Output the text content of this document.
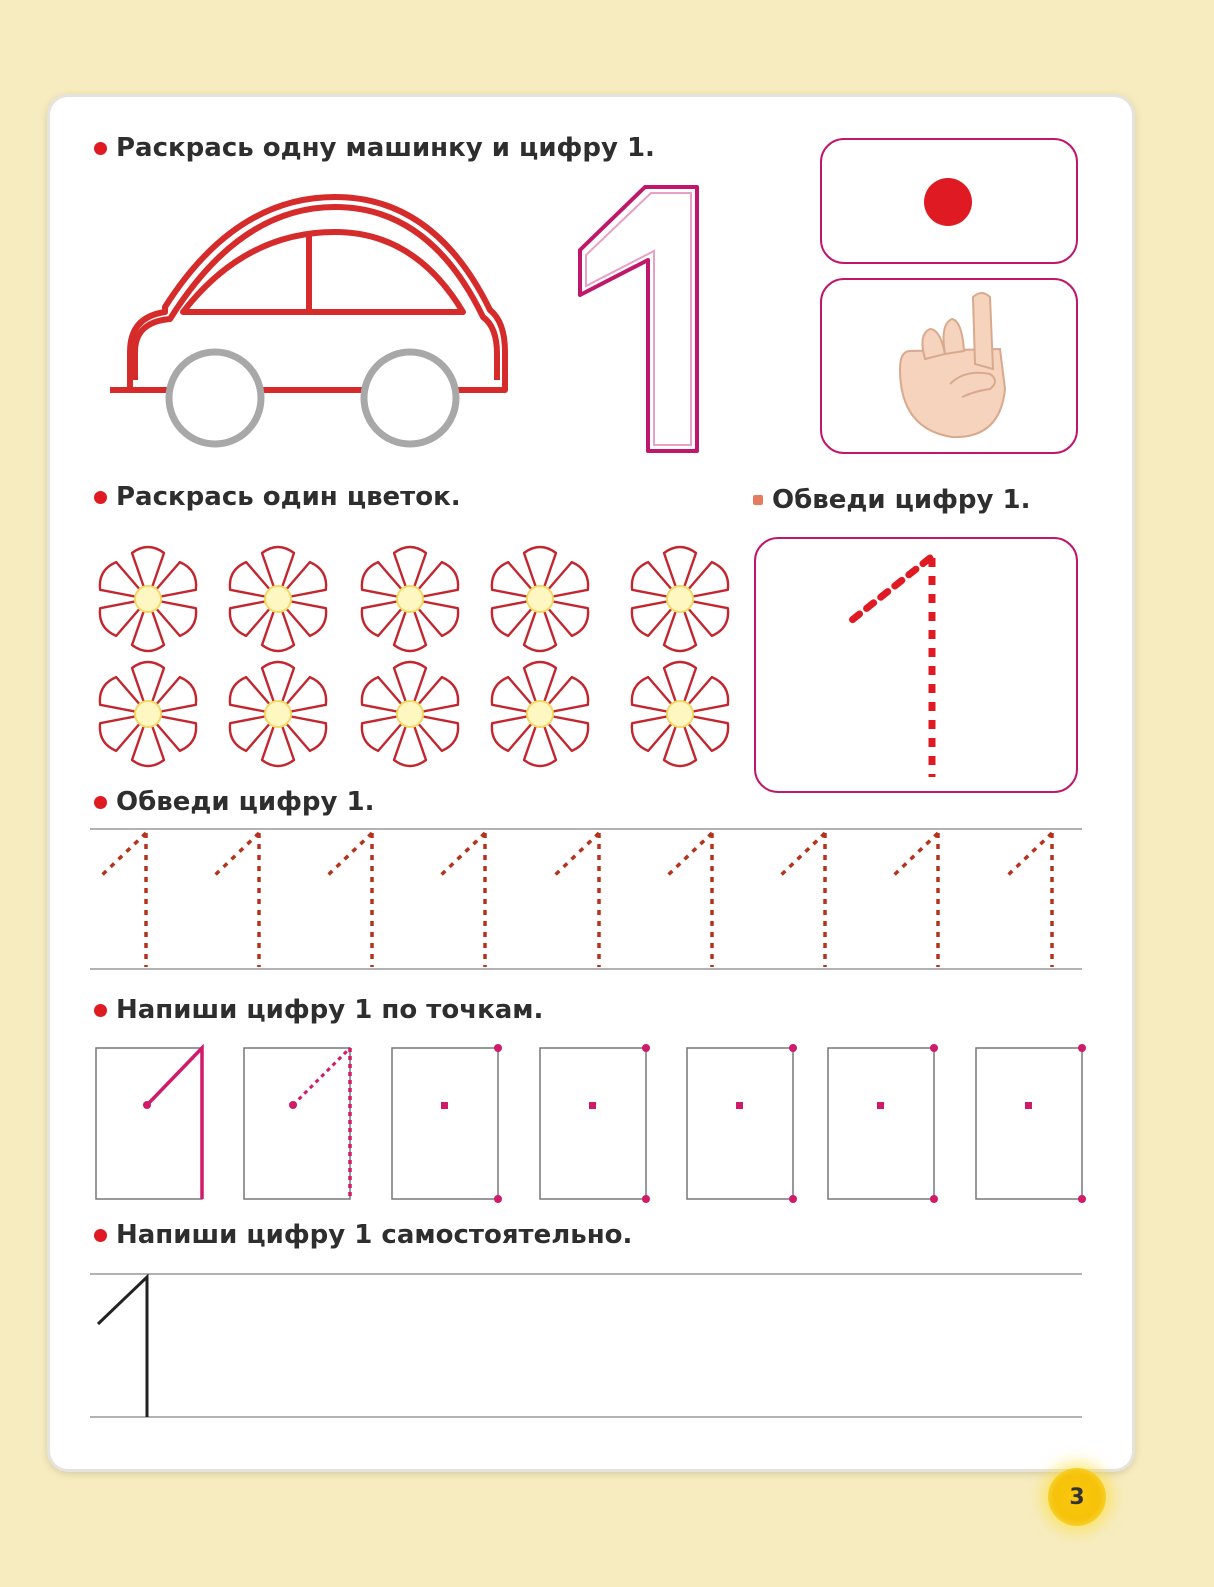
Раскрась одну машинку и цифру 1.

Раскрась один цветок.	Обведи цифру 1.

Обведи цифру 1.

Напиши цифру 1 по точкам.

Напиши цифру 1 самостоятельно.

3
